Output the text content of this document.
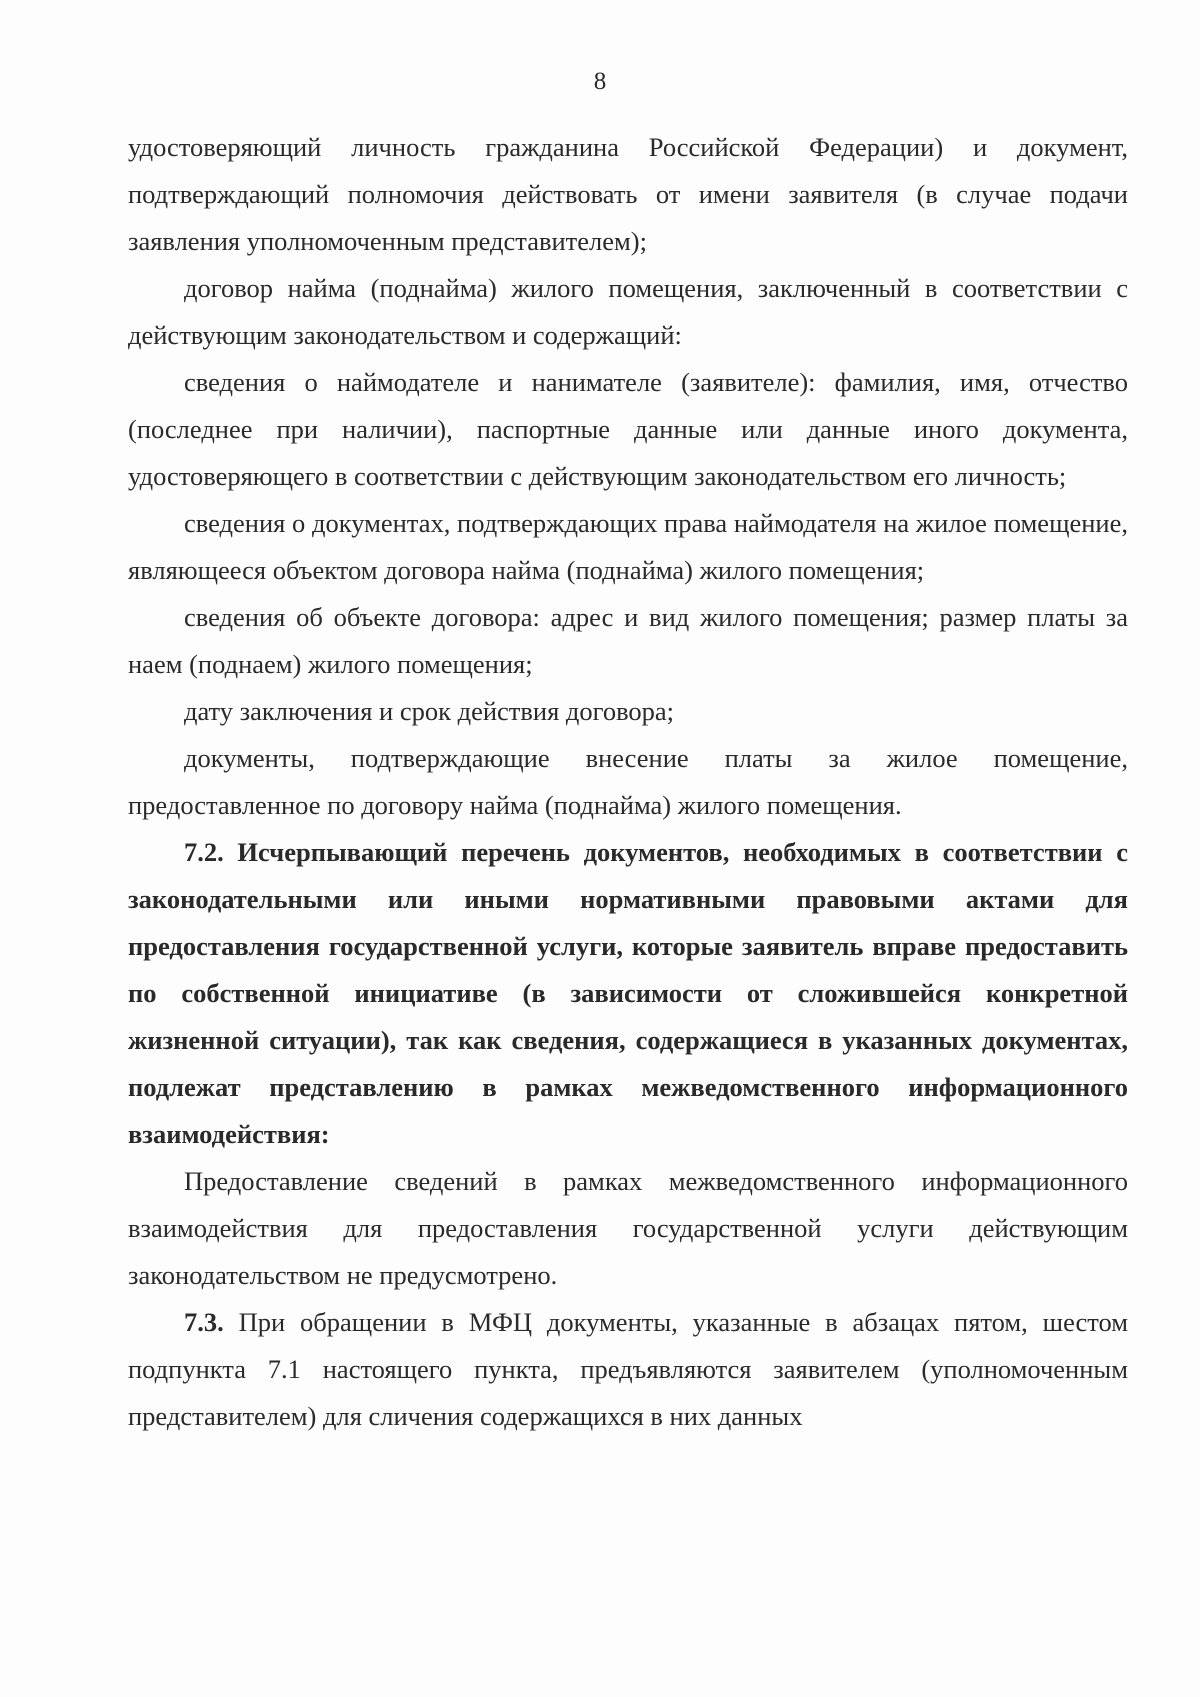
8

удостоверяющий личность гражданина Российской Федерации) и документ, подтверждающий полномочия действовать от имени заявителя (в случае подачи заявления уполномоченным представителем);

договор найма (поднайма) жилого помещения, заключенный в соответствии с действующим законодательством и содержащий:

сведения о наймодателе и нанимателе (заявителе): фамилия, имя, отчество (последнее при наличии), паспортные данные или данные иного документа, удостоверяющего в соответствии с действующим законодательством его личность;

сведения о документах, подтверждающих права наймодателя на жилое помещение, являющееся объектом договора найма (поднайма) жилого помещения;

сведения об объекте договора: адрес и вид жилого помещения; размер платы за наем (поднаем) жилого помещения;

дату заключения и срок действия договора;

документы, подтверждающие внесение платы за жилое помещение, предоставленное по договору найма (поднайма) жилого помещения.

7.2. Исчерпывающий перечень документов, необходимых в соответствии с законодательными или иными нормативными правовыми актами для предоставления государственной услуги, которые заявитель вправе предоставить по собственной инициативе (в зависимости от сложившейся конкретной жизненной ситуации), так как сведения, содержащиеся в указанных документах, подлежат представлению в рамках межведомственного информационного взаимодействия:

Предоставление сведений в рамках межведомственного информационного взаимодействия для предоставления государственной услуги действующим законодательством не предусмотрено.

7.3. При обращении в МФЦ документы, указанные в абзацах пятом, шестом подпункта 7.1 настоящего пункта, предъявляются заявителем (уполномоченным представителем) для сличения содержащихся в них данных
